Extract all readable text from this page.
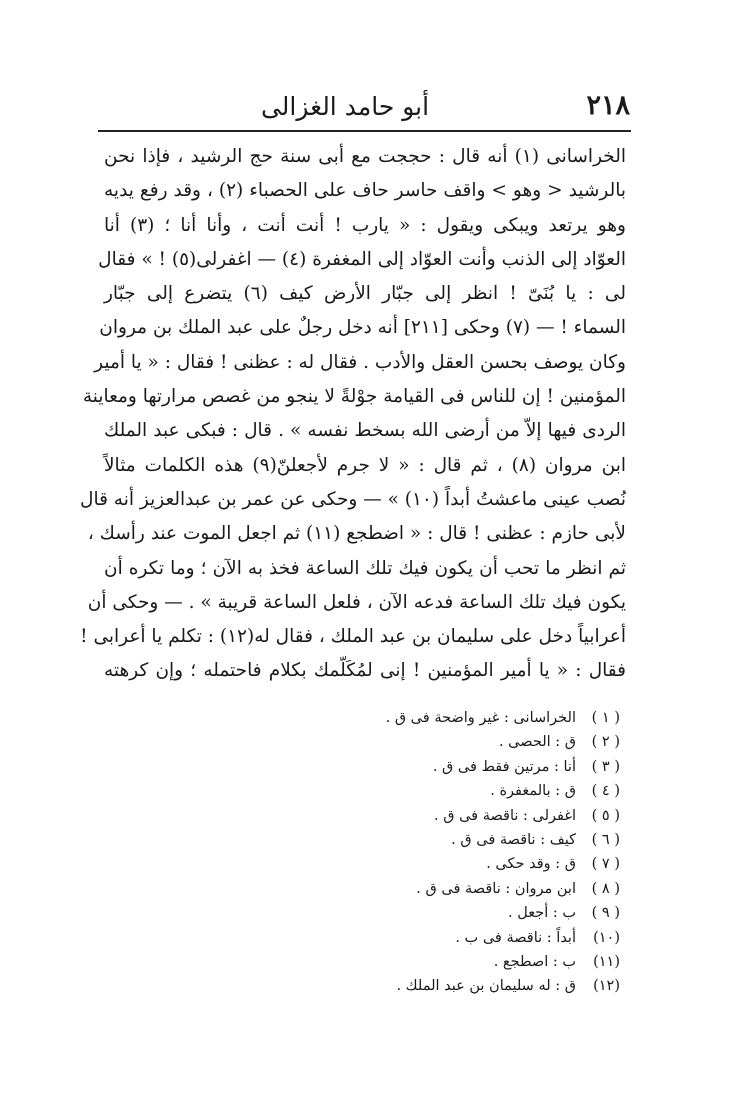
٢١٨
أبو حامد الغزالى
الخراسانى (١) أنه قال : حججت مع أبى سنة حج الرشيد ، فإذا نحن
بالرشيد < وهو > واقف حاسر حاف على الحصباء (٢) ، وقد رفع يديه
وهو يرتعد ويبكى ويقول : « يارب ! أنت أنت ، وأنا أنا ؛ (٣) أنا
العوّاد إلى الذنب وأنت العوّاد إلى المغفرة (٤) — اغفرلى(٥) ! » فقال
لى : يا بُنَىّ ! انظر إلى جبّار الأرض كيف (٦) يتضرع إلى جبّار
السماء ! — (٧) وحكى [٢١١] أنه دخل رجلٌ على عبد الملك بن مروان
وكان يوصف بحسن العقل والأدب . فقال له : عظنى ! فقال : « يا أمير
المؤمنين ! إن للناس فى القيامة جوْلةً لا ينجو من غصص مرارتها ومعاينة
الردى فيها إلاّ من أرضى الله بسخط نفسه » . قال : فبكى عبد الملك
ابن مروان (٨) ، ثم قال : « لا جرم لأجعلنّ(٩) هذه الكلمات مثالاً
نُصب عينى ماعشتُ أبداً (١٠) » — وحكى عن عمر بن عبدالعزيز أنه قال
لأبى حازم : عظنى ! قال : « اضطجع (١١) ثم اجعل الموت عند رأسك ،
ثم انظر ما تحب أن يكون فيك تلك الساعة فخذ به الآن ؛ وما تكره أن
يكون فيك تلك الساعة فدعه الآن ، فلعل الساعة قريبة » . — وحكى أن
أعرابياً دخل على سليمان بن عبد الملك ، فقال له(١٢) : تكلم يا أعرابى !
فقال : « يا أمير المؤمنين ! إنى لمُكَلّمك بكلام فاحتمله ؛ وإن كرهته
( ١ )الخراسانى : غير واضحة فى ق .
( ٢ )ق : الحصى .
( ٣ )أنا : مرتين فقط فى ق .
( ٤ )ق : بالمغفرة .
( ٥ )اغفرلى : ناقصة فى ق .
( ٦ )كيف : ناقصة فى ق .
( ٧ )ق : وقد حكى .
( ٨ )ابن مروان : ناقصة فى ق .
( ٩ )ب : أجعل .
(١٠)أبداً : ناقصة فى ب .
(١١)ب : اصطجع .
(١٢)ق : له سليمان بن عبد الملك .
